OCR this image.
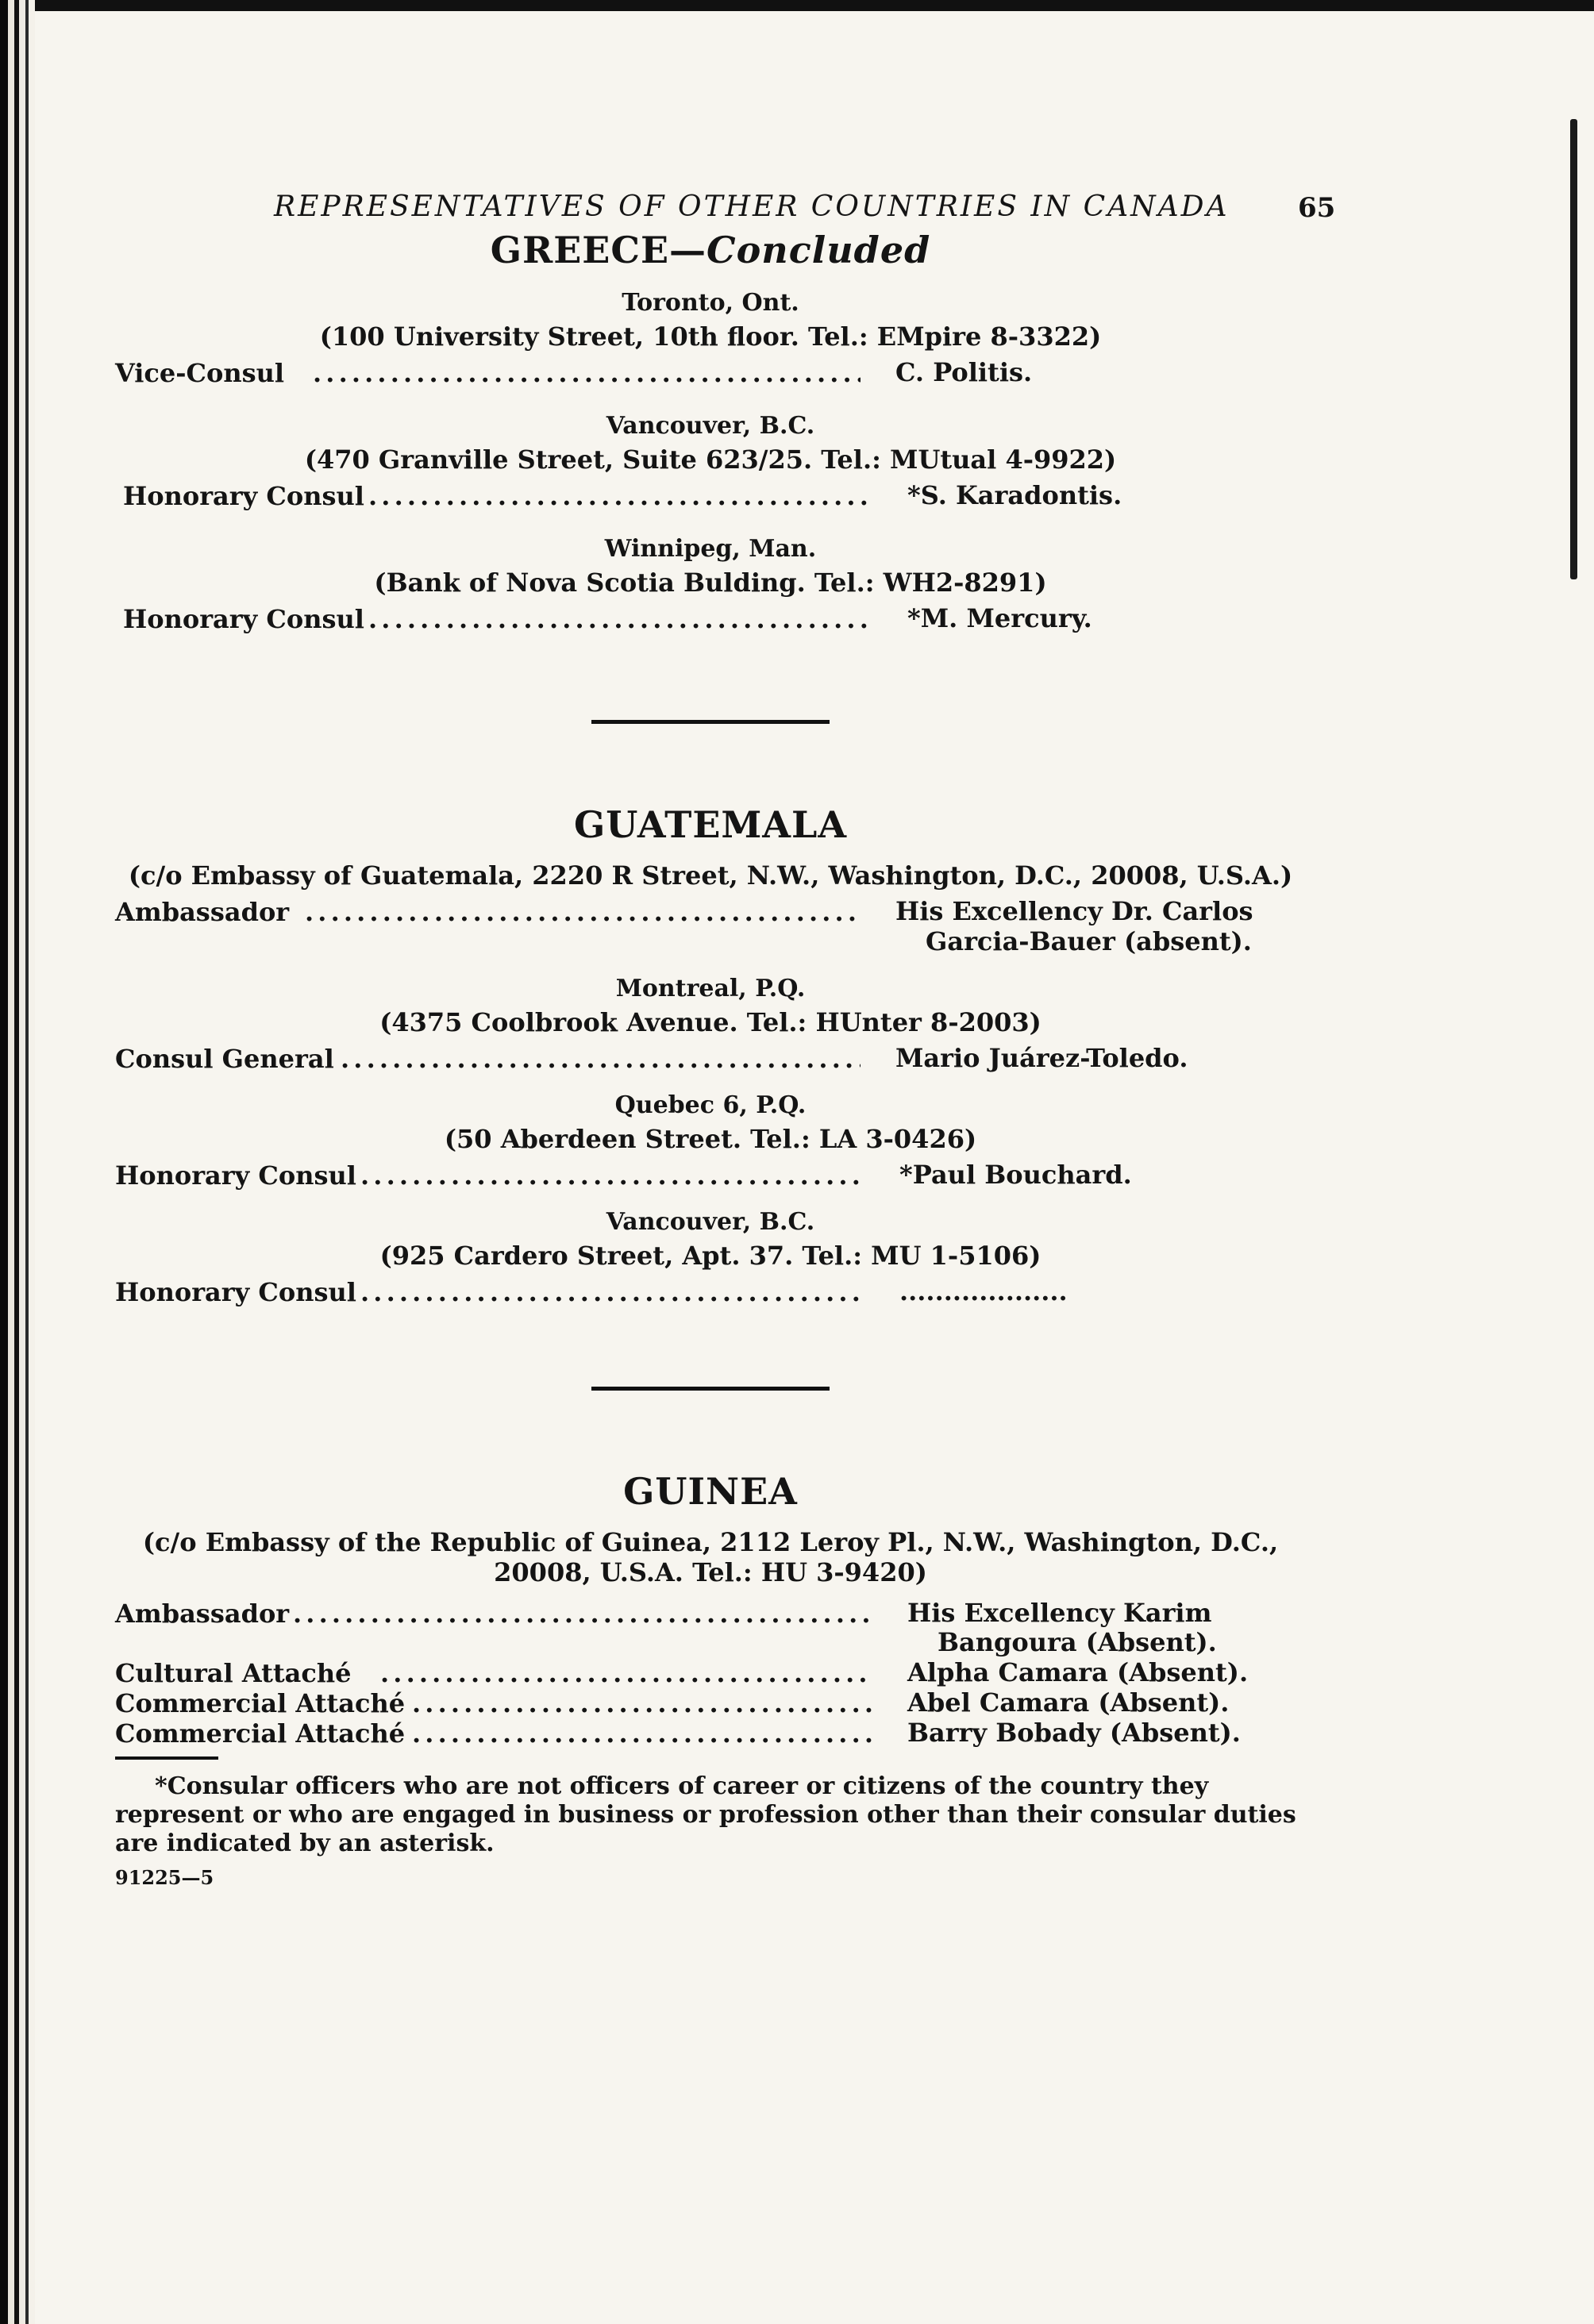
REPRESENTATIVES OF OTHER COUNTRIES IN CANADA	65
GREECE—Concluded
Toronto, Ont.
(100 University Street, 10th floor. Tel.: EMpire 8-3322)
Vice-Consul . . .	C. Politis.
Vancouver, B.C.
(470 Granville Street, Suite 623/25. Tel.: MUtual 4-9922)
Honorary Consul . . .	*S. Karadontis.
Winnipeg, Man.
(Bank of Nova Scotia Bulding. Tel.: WH2-8291)
Honorary Consul . . .	*M. Mercury.
GUATEMALA
(c/o Embassy of Guatemala, 2220 R Street, N.W., Washington, D.C., 20008, U.S.A.)
Ambassador . . .	His Excellency Dr. Carlos
Garcia-Bauer (absent).
Montreal, P.Q.
(4375 Coolbrook Avenue. Tel.: HUnter 8-2003)
Consul General . . .	Mario Juárez-Toledo.
Quebec 6, P.Q.
(50 Aberdeen Street. Tel.: LA 3-0426)
Honorary Consul . . .	*Paul Bouchard.
Vancouver, B.C.
(925 Cardero Street, Apt. 37. Tel.: MU 1-5106)
Honorary Consul . . .	...................
GUINEA
(c/o Embassy of the Republic of Guinea, 2112 Leroy Pl., N.W., Washington, D.C.,
20008, U.S.A. Tel.: HU 3-9420)
Ambassador . . .	His Excellency Karim
Bangoura (Absent).
Cultural Attaché . . .	Alpha Camara (Absent).
Commercial Attaché . . .	Abel Camara (Absent).
Commercial Attaché . . .	Barry Bobady (Absent).
*Consular officers who are not officers of career or citizens of the country they represent or who are engaged in business or profession other than their consular duties are indicated by an asterisk.
91225—5
